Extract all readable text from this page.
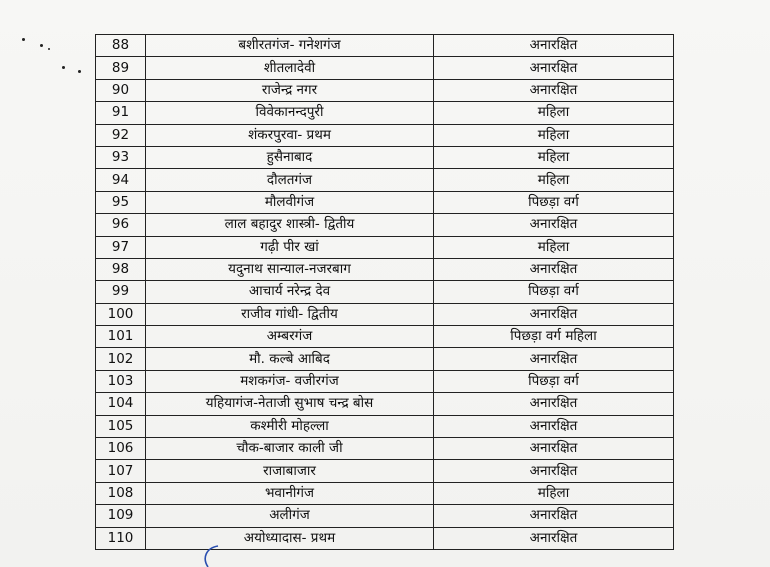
88	बशीरतगंज- गनेशगंज	अनारक्षित
89	शीतलादेवी	अनारक्षित
90	राजेन्द्र नगर	अनारक्षित
91	विवेकानन्दपुरी	महिला
92	शंकरपुरवा- प्रथम	महिला
93	हुसैनाबाद	महिला
94	दौलतगंज	महिला
95	मौलवीगंज	पिछड़ा वर्ग
96	लाल बहादुर शास्त्री- द्वितीय	अनारक्षित
97	गढ़ी पीर खां	महिला
98	यदुनाथ सान्याल-नजरबाग	अनारक्षित
99	आचार्य नरेन्द्र देव	पिछड़ा वर्ग
100	राजीव गांधी- द्वितीय	अनारक्षित
101	अम्बरगंज	पिछड़ा वर्ग महिला
102	मौ. कल्बे आबिद	अनारक्षित
103	मशकगंज- वजीरगंज	पिछड़ा वर्ग
104	यहियागंज-नेताजी सुभाष चन्द्र बोस	अनारक्षित
105	कश्मीरी मोहल्ला	अनारक्षित
106	चौक-बाजार काली जी	अनारक्षित
107	राजाबाजार	अनारक्षित
108	भवानीगंज	महिला
109	अलीगंज	अनारक्षित
110	अयोध्यादास- प्रथम	अनारक्षित
